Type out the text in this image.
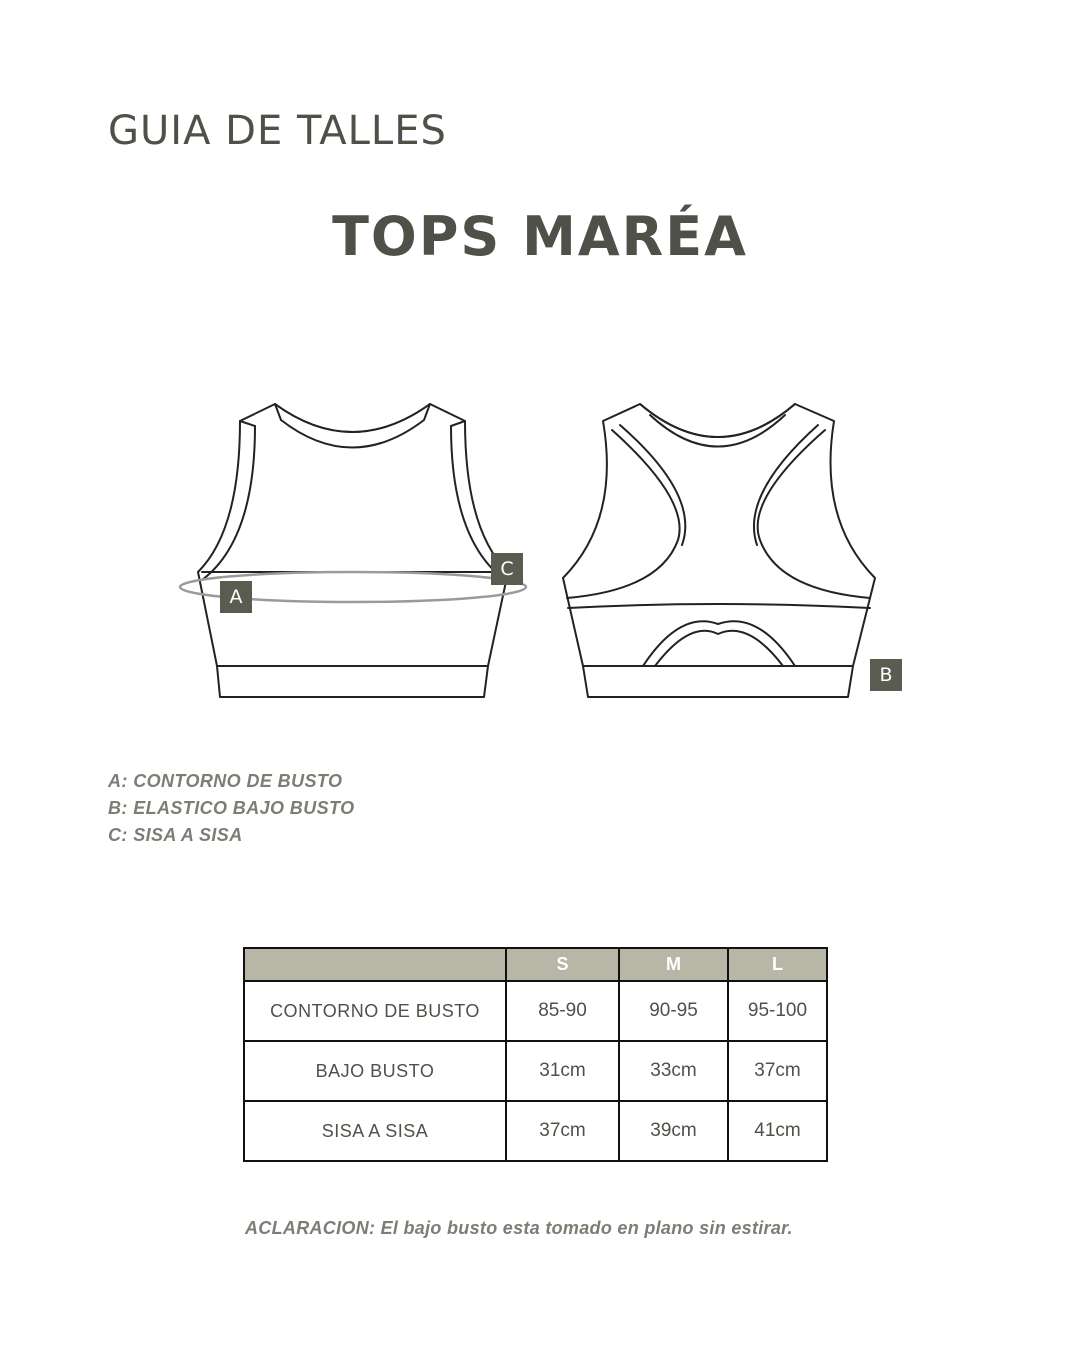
GUIA DE TALLES
TOPS MARÉA
A
C
B
A: CONTORNO DE BUSTO
B: ELASTICO BAJO BUSTO
C: SISA A SISA
	S	M	L
CONTORNO DE BUSTO	85-90	90-95	95-100
BAJO BUSTO	31cm	33cm	37cm
SISA A SISA	37cm	39cm	41cm
ACLARACION: El bajo busto esta tomado en plano sin estirar.
